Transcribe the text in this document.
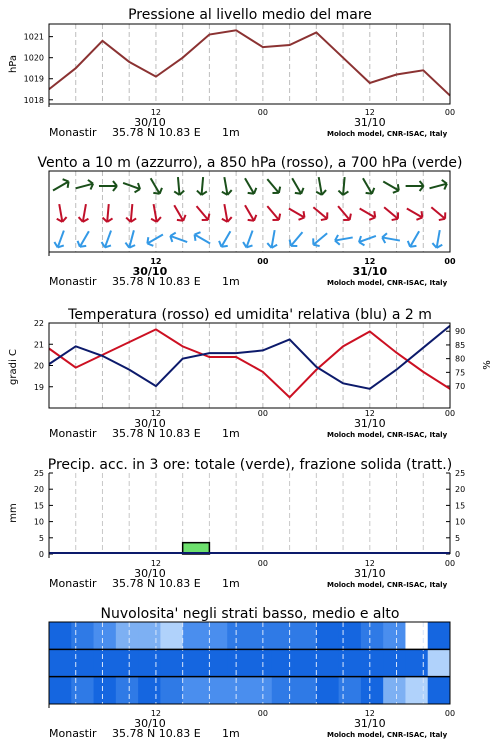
Pressione al livello medio del mare
1021
1020
1019
1018
hPa
12	00	12	00
30/10	31/10
Monastir 35.78 N 10.83 E 1m	Moloch model, CNR-ISAC, Italy
Vento a 10 m (azzurro), a 850 hPa (rosso), a 700 hPa (verde)
12	00	12	00
30/10	31/10
Monastir 35.78 N 10.83 E 1m	Moloch model, CNR-ISAC, Italy
Temperatura (rosso) ed umidita' relativa (blu) a 2 m
22
21
20
19
90
85
80
75
70
gradi C	%
12	00	12	00
30/10	31/10
Monastir 35.78 N 10.83 E 1m	Moloch model, CNR-ISAC, Italy
Precip. acc. in 3 ore: totale (verde), frazione solida (tratt.)
25	25
20	20
15	15
10	10
5	5
0	0
mm
12	00	12	00
30/10	31/10
Monastir 35.78 N 10.83 E 1m	Moloch model, CNR-ISAC, Italy
Nuvolosita' negli strati basso, medio e alto
12	00	12	00
30/10	31/10
Monastir 35.78 N 10.83 E 1m	Moloch model, CNR-ISAC, Italy
